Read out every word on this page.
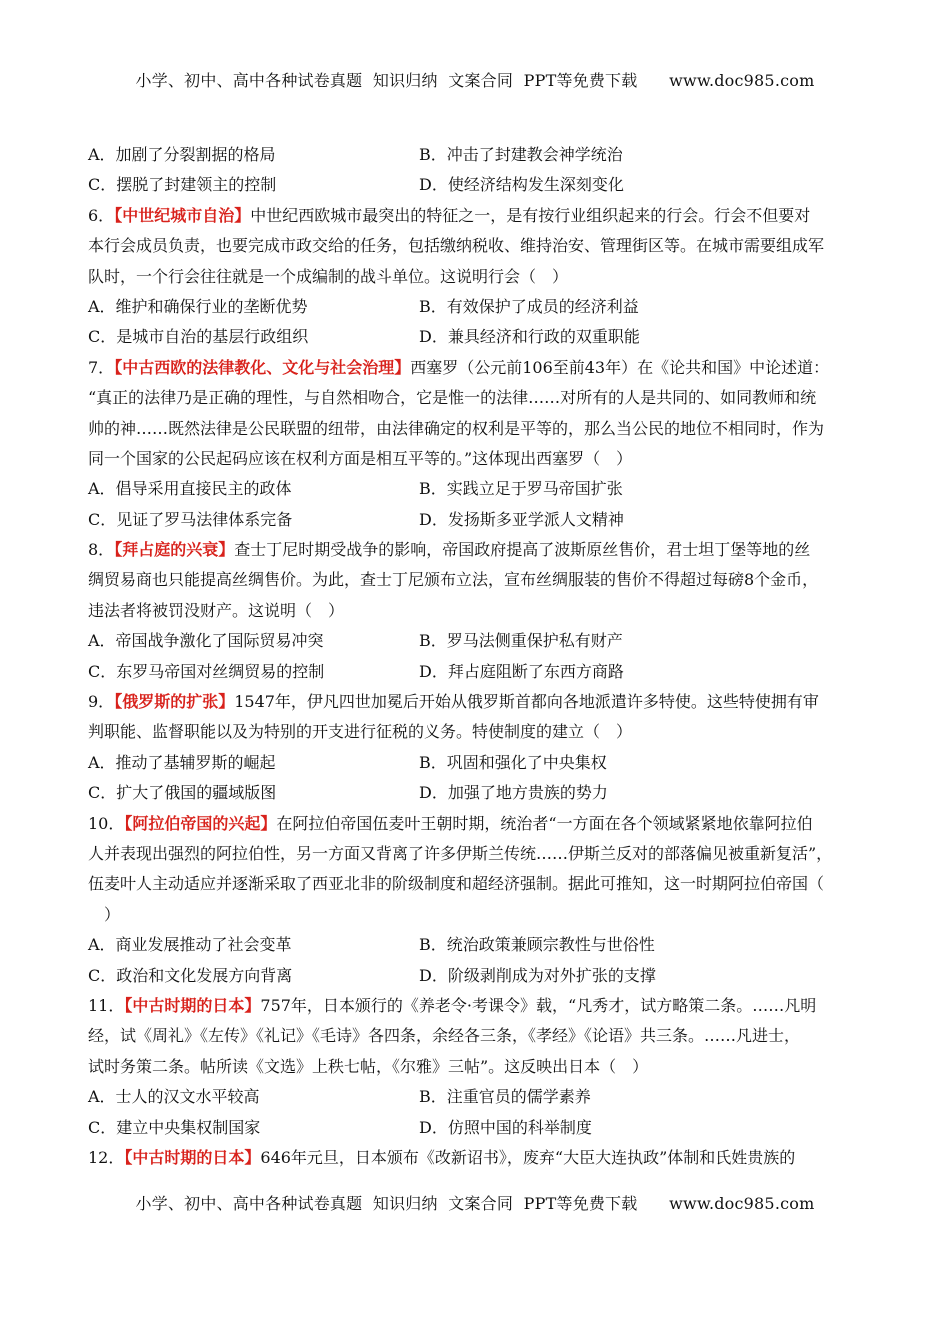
小学、初中、高中各种试卷真题  知识归纳  文案合同  PPT等免费下载      www.doc985.com
A．加剧了分裂割据的格局	B．冲击了封建教会神学统治
C．摆脱了封建领主的控制	D．使经济结构发生深刻变化
6．【中世纪城市自治】中世纪西欧城市最突出的特征之一，是有按行业组织起来的行会。行会不但要对
本行会成员负责，也要完成市政交给的任务，包括缴纳税收、维持治安、管理街区等。在城市需要组成军
队时，一个行会往往就是一个成编制的战斗单位。这说明行会（　）
A．维护和确保行业的垄断优势	B．有效保护了成员的经济利益
C．是城市自治的基层行政组织	D．兼具经济和行政的双重职能
7．【中古西欧的法律教化、文化与社会治理】西塞罗（公元前106至前43年）在《论共和国》中论述道：
“真正的法律乃是正确的理性，与自然相吻合，它是惟一的法律……对所有的人是共同的、如同教师和统
帅的神……既然法律是公民联盟的纽带，由法律确定的权利是平等的，那么当公民的地位不相同时，作为
同一个国家的公民起码应该在权利方面是相互平等的。”这体现出西塞罗（　）
A．倡导采用直接民主的政体	B．实践立足于罗马帝国扩张
C．见证了罗马法律体系完备	D．发扬斯多亚学派人文精神
8．【拜占庭的兴衰】查士丁尼时期受战争的影响，帝国政府提高了波斯原丝售价，君士坦丁堡等地的丝
绸贸易商也只能提高丝绸售价。为此，查士丁尼颁布立法，宣布丝绸服装的售价不得超过每磅8个金币，
违法者将被罚没财产。这说明（　）
A．帝国战争激化了国际贸易冲突	B．罗马法侧重保护私有财产
C．东罗马帝国对丝绸贸易的控制	D．拜占庭阻断了东西方商路
9．【俄罗斯的扩张】1547年，伊凡四世加冕后开始从俄罗斯首都向各地派遣许多特使。这些特使拥有审
判职能、监督职能以及为特别的开支进行征税的义务。特使制度的建立（　）
A．推动了基辅罗斯的崛起	B．巩固和强化了中央集权
C．扩大了俄国的疆域版图	D．加强了地方贵族的势力
10．【阿拉伯帝国的兴起】在阿拉伯帝国伍麦叶王朝时期，统治者“一方面在各个领域紧紧地依靠阿拉伯
人并表现出强烈的阿拉伯性，另一方面又背离了许多伊斯兰传统……伊斯兰反对的部落偏见被重新复活”，
伍麦叶人主动适应并逐渐采取了西亚北非的阶级制度和超经济强制。据此可推知，这一时期阿拉伯帝国（
　）
A．商业发展推动了社会变革	B．统治政策兼顾宗教性与世俗性
C．政治和文化发展方向背离	D．阶级剥削成为对外扩张的支撑
11．【中古时期的日本】757年，日本颁行的《养老令·考课令》载，“凡秀才，试方略策二条。……凡明
经，试《周礼》《左传》《礼记》《毛诗》各四条，余经各三条，《孝经》《论语》共三条。……凡进士，
试时务策二条。帖所读《文选》上秩七帖，《尔雅》三帖”。这反映出日本（　）
A．士人的汉文水平较高	B．注重官员的儒学素养
C．建立中央集权制国家	D．仿照中国的科举制度
12．【中古时期的日本】646年元旦，日本颁布《改新诏书》，废弃“大臣大连执政”体制和氏姓贵族的
小学、初中、高中各种试卷真题  知识归纳  文案合同  PPT等免费下载      www.doc985.com
